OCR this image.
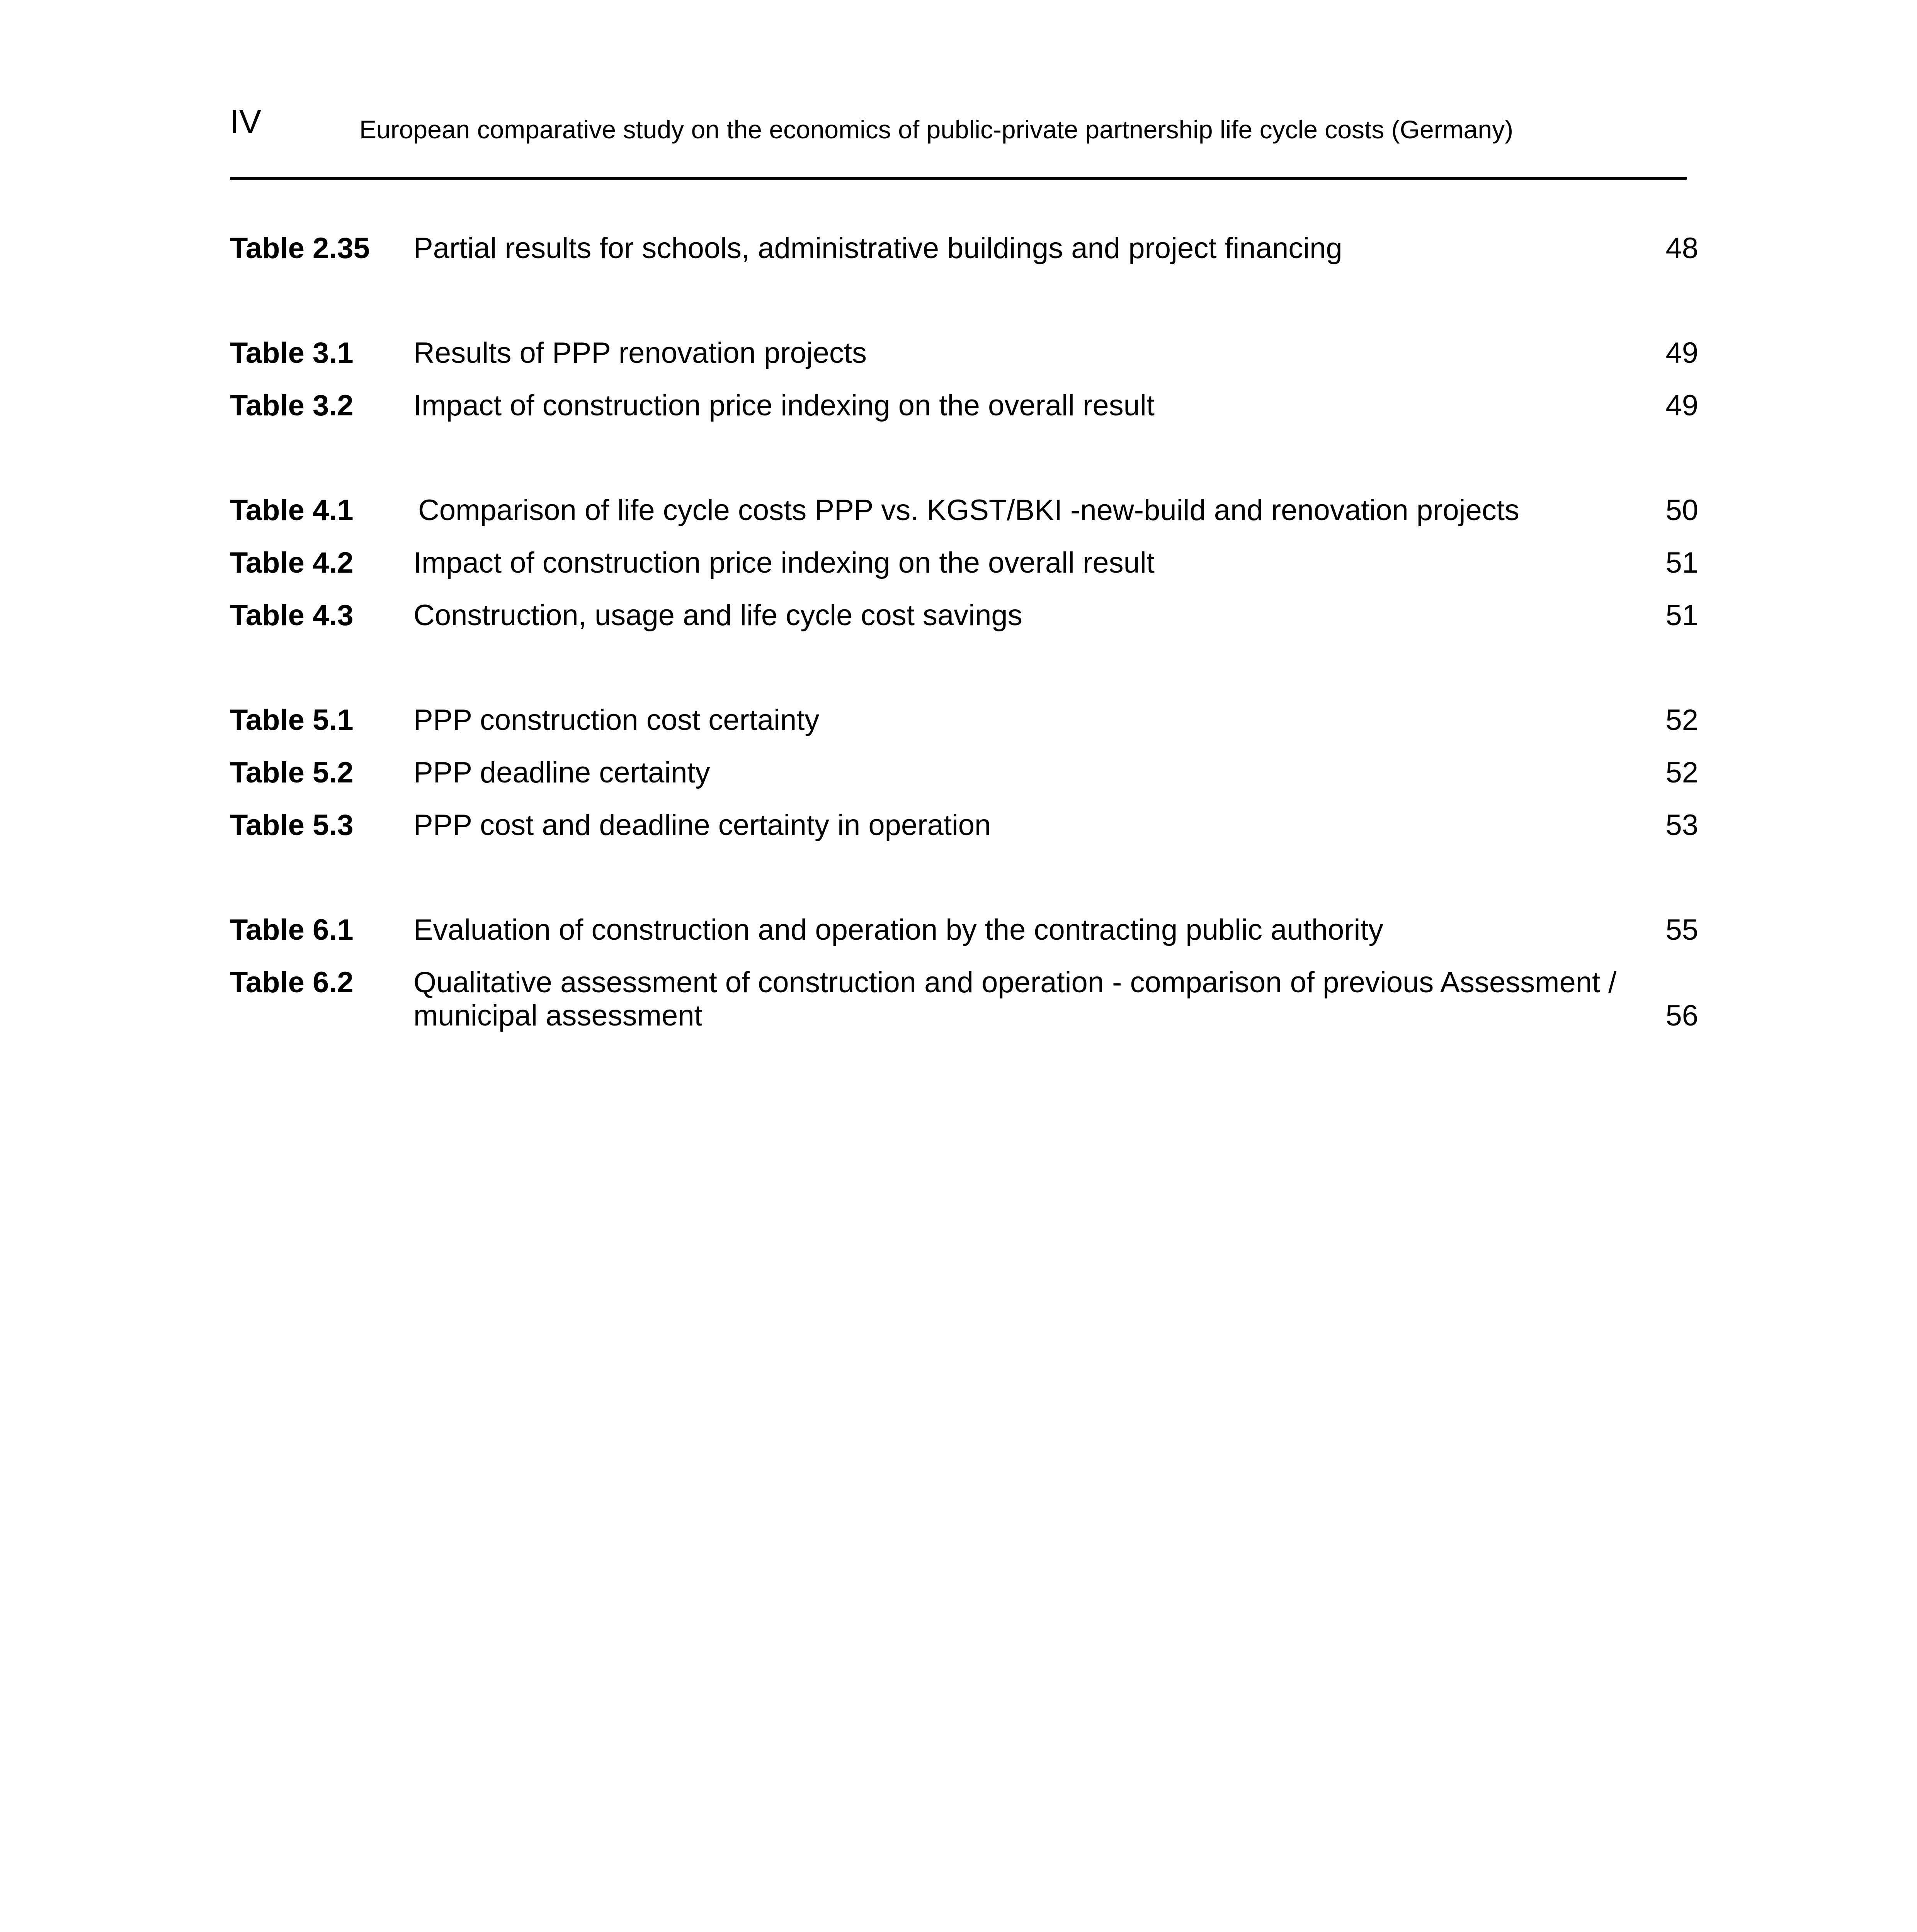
IV	European comparative study on the economics of public-private partnership life cycle costs (Germany)
Table 2.35 Partial results for schools, administrative buildings and project financing	48
Table 3.1 Results of PPP renovation projects	49
Table 3.2 Impact of construction price indexing on the overall result	49
Table 4.1 Comparison of life cycle costs PPP vs. KGST/BKI -new-build and renovation projects	50
Table 4.2 Impact of construction price indexing on the overall result	51
Table 4.3 Construction, usage and life cycle cost savings	51
Table 5.1 PPP construction cost certainty	52
Table 5.2 PPP deadline certainty	52
Table 5.3 PPP cost and deadline certainty in operation	53
Table 6.1 Evaluation of construction and operation by the contracting public authority	55
Table 6.2 Qualitative assessment of construction and operation - comparison of previous Assessment / municipal assessment	56
